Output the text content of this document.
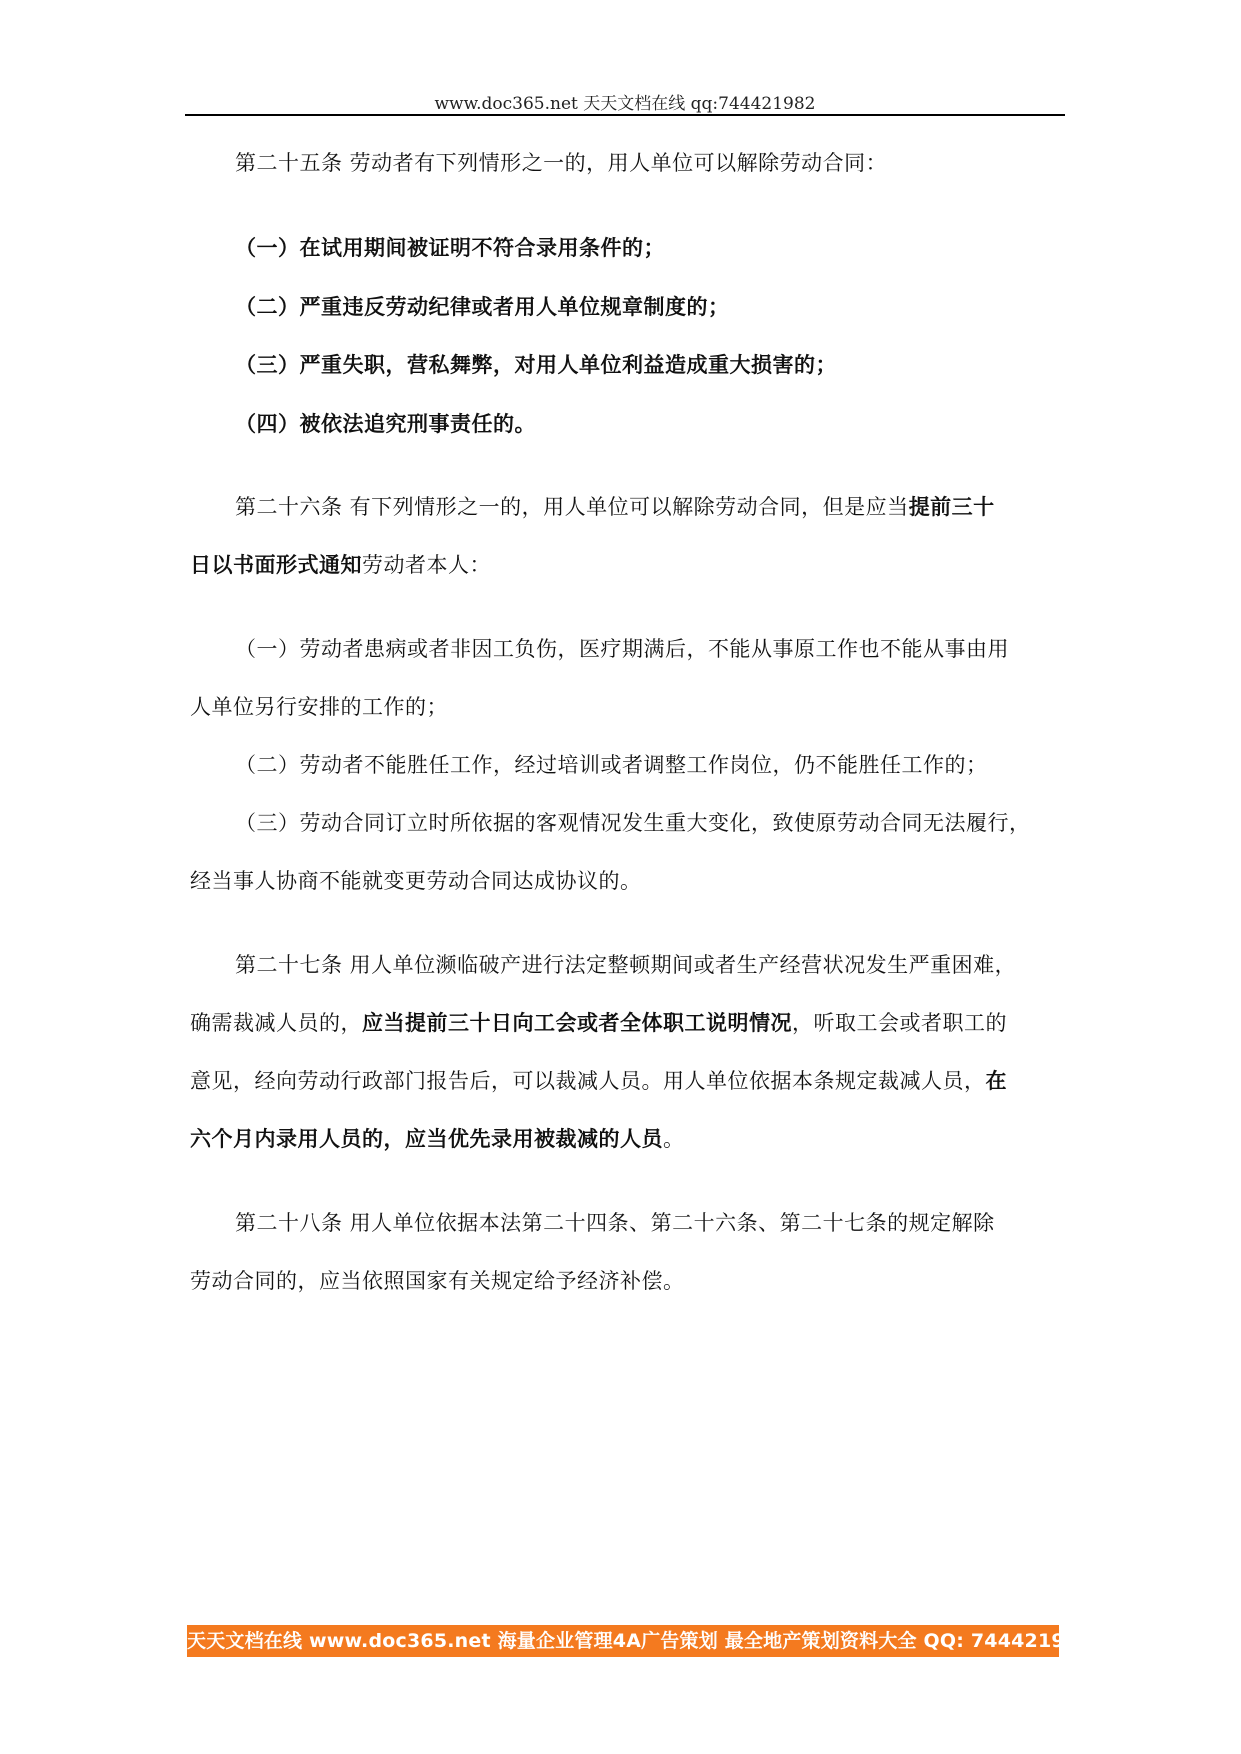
www.doc365.net 天天文档在线 qq:744421982
第二十五条 劳动者有下列情形之一的，用人单位可以解除劳动合同：
（一）在试用期间被证明不符合录用条件的；
（二）严重违反劳动纪律或者用人单位规章制度的；
（三）严重失职，营私舞弊，对用人单位利益造成重大损害的；
（四）被依法追究刑事责任的。
第二十六条 有下列情形之一的，用人单位可以解除劳动合同，但是应当提前三十
日以书面形式通知劳动者本人：
（一）劳动者患病或者非因工负伤，医疗期满后，不能从事原工作也不能从事由用
人单位另行安排的工作的；
（二）劳动者不能胜任工作，经过培训或者调整工作岗位，仍不能胜任工作的；
（三）劳动合同订立时所依据的客观情况发生重大变化，致使原劳动合同无法履行，
经当事人协商不能就变更劳动合同达成协议的。
第二十七条 用人单位濒临破产进行法定整顿期间或者生产经营状况发生严重困难，
确需裁减人员的，应当提前三十日向工会或者全体职工说明情况，听取工会或者职工的
意见，经向劳动行政部门报告后，可以裁减人员。用人单位依据本条规定裁减人员，在
六个月内录用人员的，应当优先录用被裁减的人员。
第二十八条 用人单位依据本法第二十四条、第二十六条、第二十七条的规定解除
劳动合同的，应当依照国家有关规定给予经济补偿。
天天文档在线 www.doc365.net 海量企业管理4A广告策划 最全地产策划资料大全 QQ: 744421982
